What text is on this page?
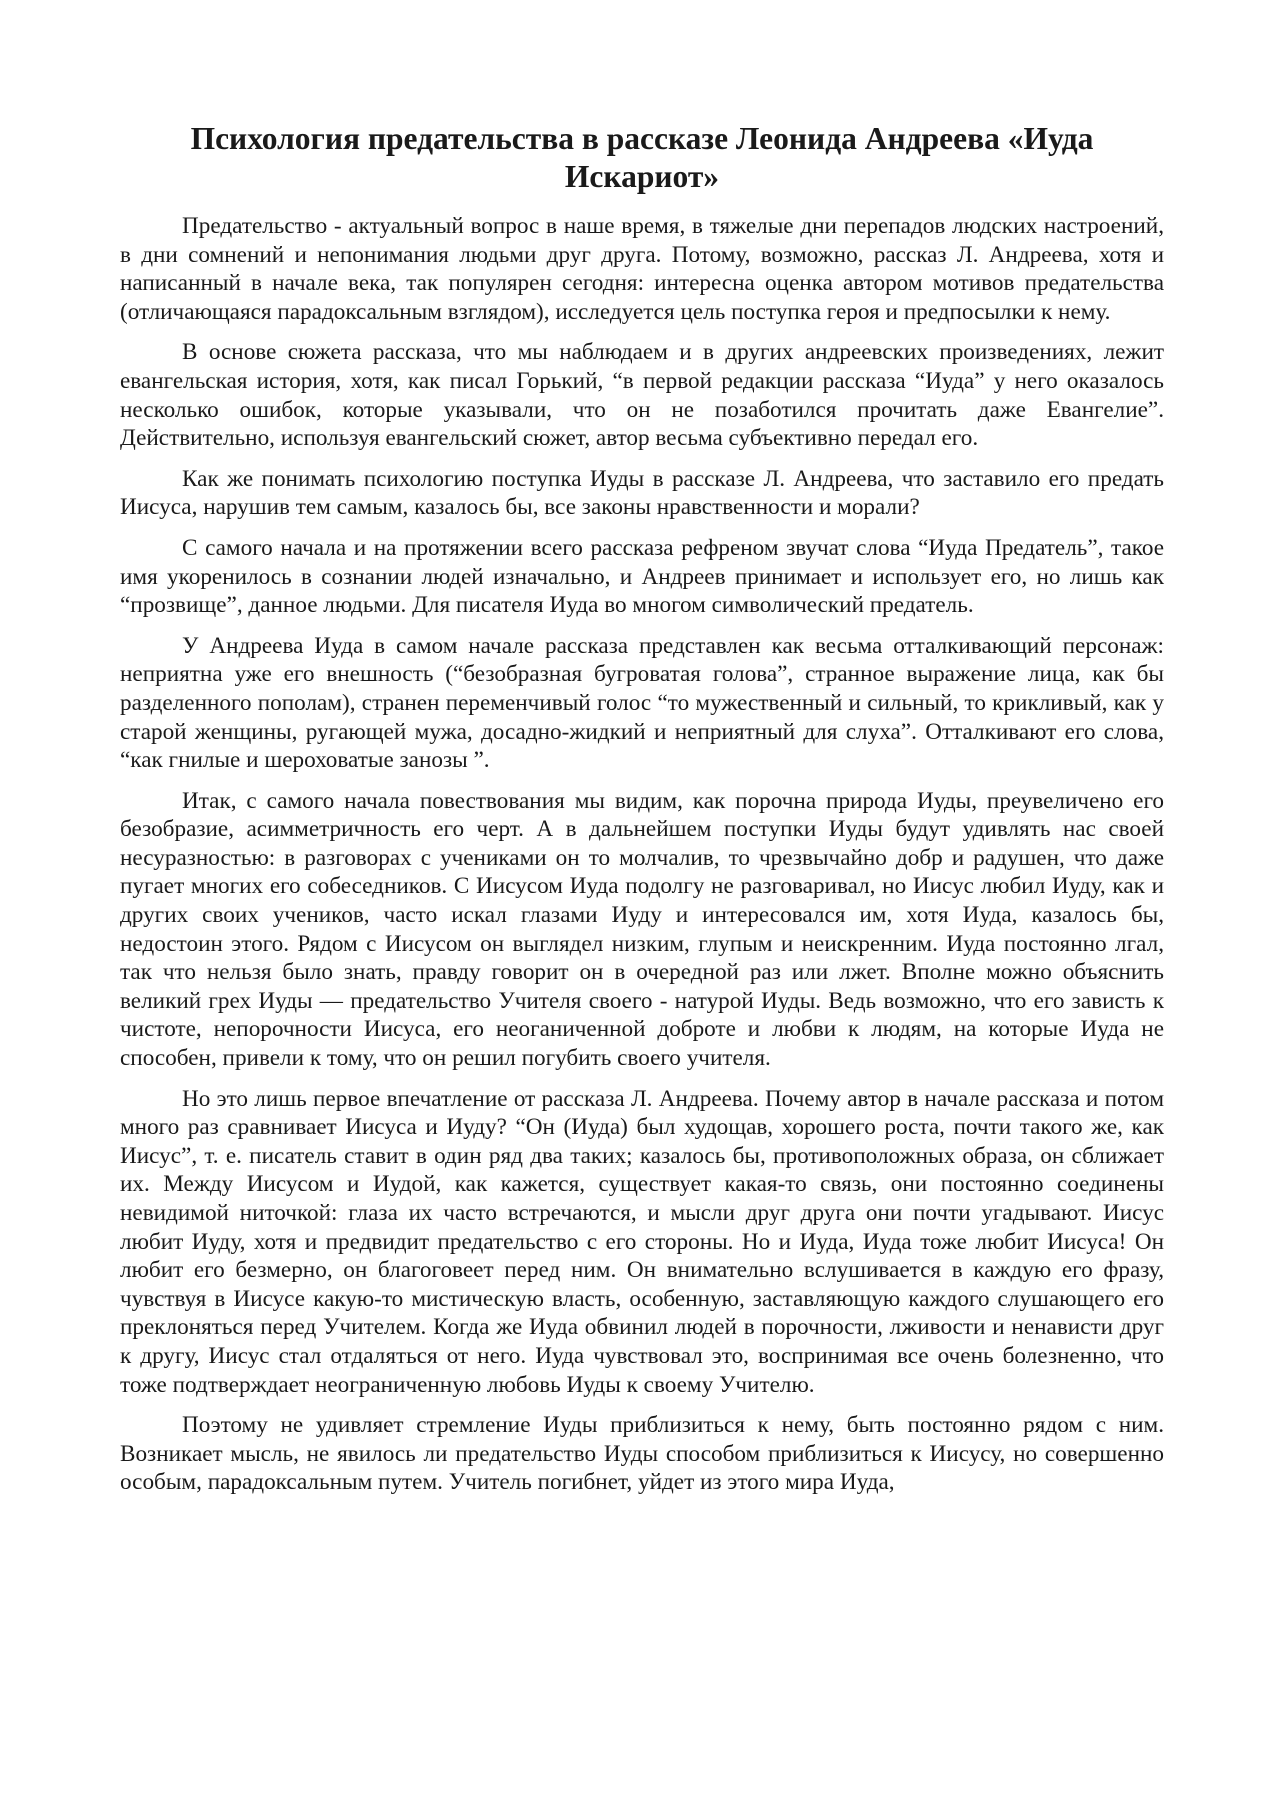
Психология предательства в рассказе Леонида Андреева «Иуда Искариот»

Предательство - актуальный вопрос в наше время, в тяжелые дни перепадов людских настроений, в дни сомнений и непонимания людьми друг друга. Потому, возможно, рассказ Л. Андреева, хотя и написанный в начале века, так популярен сегодня: интересна оценка автором мотивов предательства (отличающаяся парадоксальным взглядом), исследуется цель поступка героя и предпосылки к нему.

В основе сюжета рассказа, что мы наблюдаем и в других андреевских произведениях, лежит евангельская история, хотя, как писал Горький, “в первой редакции рассказа “Иуда” у него оказалось несколько ошибок, которые указывали, что он не позаботился прочитать даже Евангелие”. Действительно, используя евангельский сюжет, автор весьма субъективно передал его.

Как же понимать психологию поступка Иуды в рассказе Л. Андреева, что заставило его предать Иисуса, нарушив тем самым, казалось бы, все законы нравственности и морали?

С самого начала и на протяжении всего рассказа рефреном звучат слова “Иуда Предатель”, такое имя укоренилось в сознании людей изначально, и Андреев принимает и использует его, но лишь как “прозвище”, данное людьми. Для писателя Иуда во многом символический предатель.

У Андреева Иуда в самом начале рассказа представлен как весьма отталкивающий персонаж: неприятна уже его внешность (“безобразная бугроватая голова”, странное выражение лица, как бы разделенного пополам), странен переменчивый голос “то мужественный и сильный, то крикливый, как у старой женщины, ругающей мужа, досадно-жидкий и неприятный для слуха”. Отталкивают его слова, “как гнилые и шероховатые занозы ”.

Итак, с самого начала повествования мы видим, как порочна природа Иуды, преувеличено его безобразие, асимметричность его черт. А в дальнейшем поступки Иуды будут удивлять нас своей несуразностью: в разговорах с учениками он то молчалив, то чрезвычайно добр и радушен, что даже пугает многих его собеседников. С Иисусом Иуда подолгу не разговаривал, но Иисус любил Иуду, как и других своих учеников, часто искал глазами Иуду и интересовался им, хотя Иуда, казалось бы, недостоин этого. Рядом с Иисусом он выглядел низким, глупым и неискренним. Иуда постоянно лгал, так что нельзя было знать, правду говорит он в очередной раз или лжет. Вполне можно объяснить великий грех Иуды — предательство Учителя своего - натурой Иуды. Ведь возможно, что его зависть к чистоте, непорочности Иисуса, его неоганиченной доброте и любви к людям, на которые Иуда не способен, привели к тому, что он решил погубить своего учителя.

Но это лишь первое впечатление от рассказа Л. Андреева. Почему автор в начале рассказа и потом много раз сравнивает Иисуса и Иуду? “Он (Иуда) был худощав, хорошего роста, почти такого же, как Иисус”, т. е. писатель ставит в один ряд два таких; казалось бы, противоположных образа, он сближает их. Между Иисусом и Иудой, как кажется, существует какая-то связь, они постоянно соединены невидимой ниточкой: глаза их часто встречаются, и мысли друг друга они почти угадывают. Иисус любит Иуду, хотя и предвидит предательство с его стороны. Но и Иуда, Иуда тоже любит Иисуса! Он любит его безмерно, он благоговеет перед ним. Он внимательно вслушивается в каждую его фразу, чувствуя в Иисусе какую-то мистическую власть, особенную, заставляющую каждого слушающего его преклоняться перед Учителем. Когда же Иуда обвинил людей в порочности, лживости и ненависти друг к другу, Иисус стал отдаляться от него. Иуда чувствовал это, воспринимая все очень болезненно, что тоже подтверждает неограниченную любовь Иуды к своему Учителю.

Поэтому не удивляет стремление Иуды приблизиться к нему, быть постоянно рядом с ним. Возникает мысль, не явилось ли предательство Иуды способом приблизиться к Иисусу, но совершенно особым, парадоксальным путем. Учитель погибнет, уйдет из этого мира Иуда,
